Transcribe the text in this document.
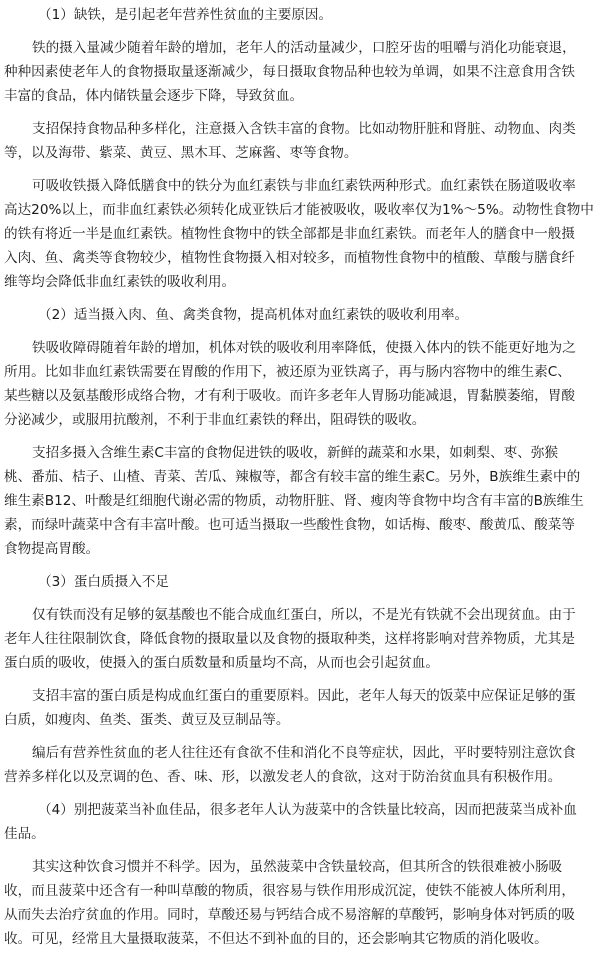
（1）缺铁，是引起老年营养性贫血的主要原因。

铁的摄入量减少随着年龄的增加，老年人的活动量减少，口腔牙齿的咀嚼与消化功能衰退，
种种因素使老年人的食物摄取量逐渐减少，每日摄取食物品种也较为单调，如果不注意食用含铁
丰富的食品，体内储铁量会逐步下降，导致贫血。

支招保持食物品种多样化，注意摄入含铁丰富的食物。比如动物肝脏和肾脏、动物血、肉类
等，以及海带、紫菜、黄豆、黑木耳、芝麻酱、枣等食物。

可吸收铁摄入降低膳食中的铁分为血红素铁与非血红素铁两种形式。血红素铁在肠道吸收率
高达20%以上，而非血红素铁必须转化成亚铁后才能被吸收，吸收率仅为1%～5%。动物性食物中
的铁有将近一半是血红素铁。植物性食物中的铁全部都是非血红素铁。而老年人的膳食中一般摄
入肉、鱼、禽类等食物较少，植物性食物摄入相对较多，而植物性食物中的植酸、草酸与膳食纤
维等均会降低非血红素铁的吸收利用。

（2）适当摄入肉、鱼、禽类食物，提高机体对血红素铁的吸收利用率。

铁吸收障碍随着年龄的增加，机体对铁的吸收利用率降低，使摄入体内的铁不能更好地为之
所用。比如非血红素铁需要在胃酸的作用下，被还原为亚铁离子，再与肠内容物中的维生素C、
某些糖以及氨基酸形成络合物，才有利于吸收。而许多老年人胃肠功能减退，胃黏膜萎缩，胃酸
分泌减少，或服用抗酸剂，不利于非血红素铁的释出，阻碍铁的吸收。

支招多摄入含维生素C丰富的食物促进铁的吸收，新鲜的蔬菜和水果，如刺梨、枣、弥猴
桃、番茄、桔子、山楂、青菜、苦瓜、辣椒等，都含有较丰富的维生素C。另外，B族维生素中的
维生素B12、叶酸是红细胞代谢必需的物质，动物肝脏、肾、瘦肉等食物中均含有丰富的B族维生
素，而绿叶蔬菜中含有丰富叶酸。也可适当摄取一些酸性食物，如话梅、酸枣、酸黄瓜、酸菜等
食物提高胃酸。

（3）蛋白质摄入不足

仅有铁而没有足够的氨基酸也不能合成血红蛋白，所以，不是光有铁就不会出现贫血。由于
老年人往往限制饮食，降低食物的摄取量以及食物的摄取种类，这样将影响对营养物质，尤其是
蛋白质的吸收，使摄入的蛋白质数量和质量均不高，从而也会引起贫血。

支招丰富的蛋白质是构成血红蛋白的重要原料。因此，老年人每天的饭菜中应保证足够的蛋
白质，如瘦肉、鱼类、蛋类、黄豆及豆制品等。

编后有营养性贫血的老人往往还有食欲不佳和消化不良等症状，因此，平时要特别注意饮食
营养多样化以及烹调的色、香、味、形，以激发老人的食欲，这对于防治贫血具有积极作用。

（4）别把菠菜当补血佳品，很多老年人认为菠菜中的含铁量比较高，因而把菠菜当成补血
佳品。

其实这种饮食习惯并不科学。因为，虽然菠菜中含铁量较高，但其所含的铁很难被小肠吸
收，而且菠菜中还含有一种叫草酸的物质，很容易与铁作用形成沉淀，使铁不能被人体所利用，
从而失去治疗贫血的作用。同时，草酸还易与钙结合成不易溶解的草酸钙，影响身体对钙质的吸
收。可见，经常且大量摄取菠菜，不但达不到补血的目的，还会影响其它物质的消化吸收。
